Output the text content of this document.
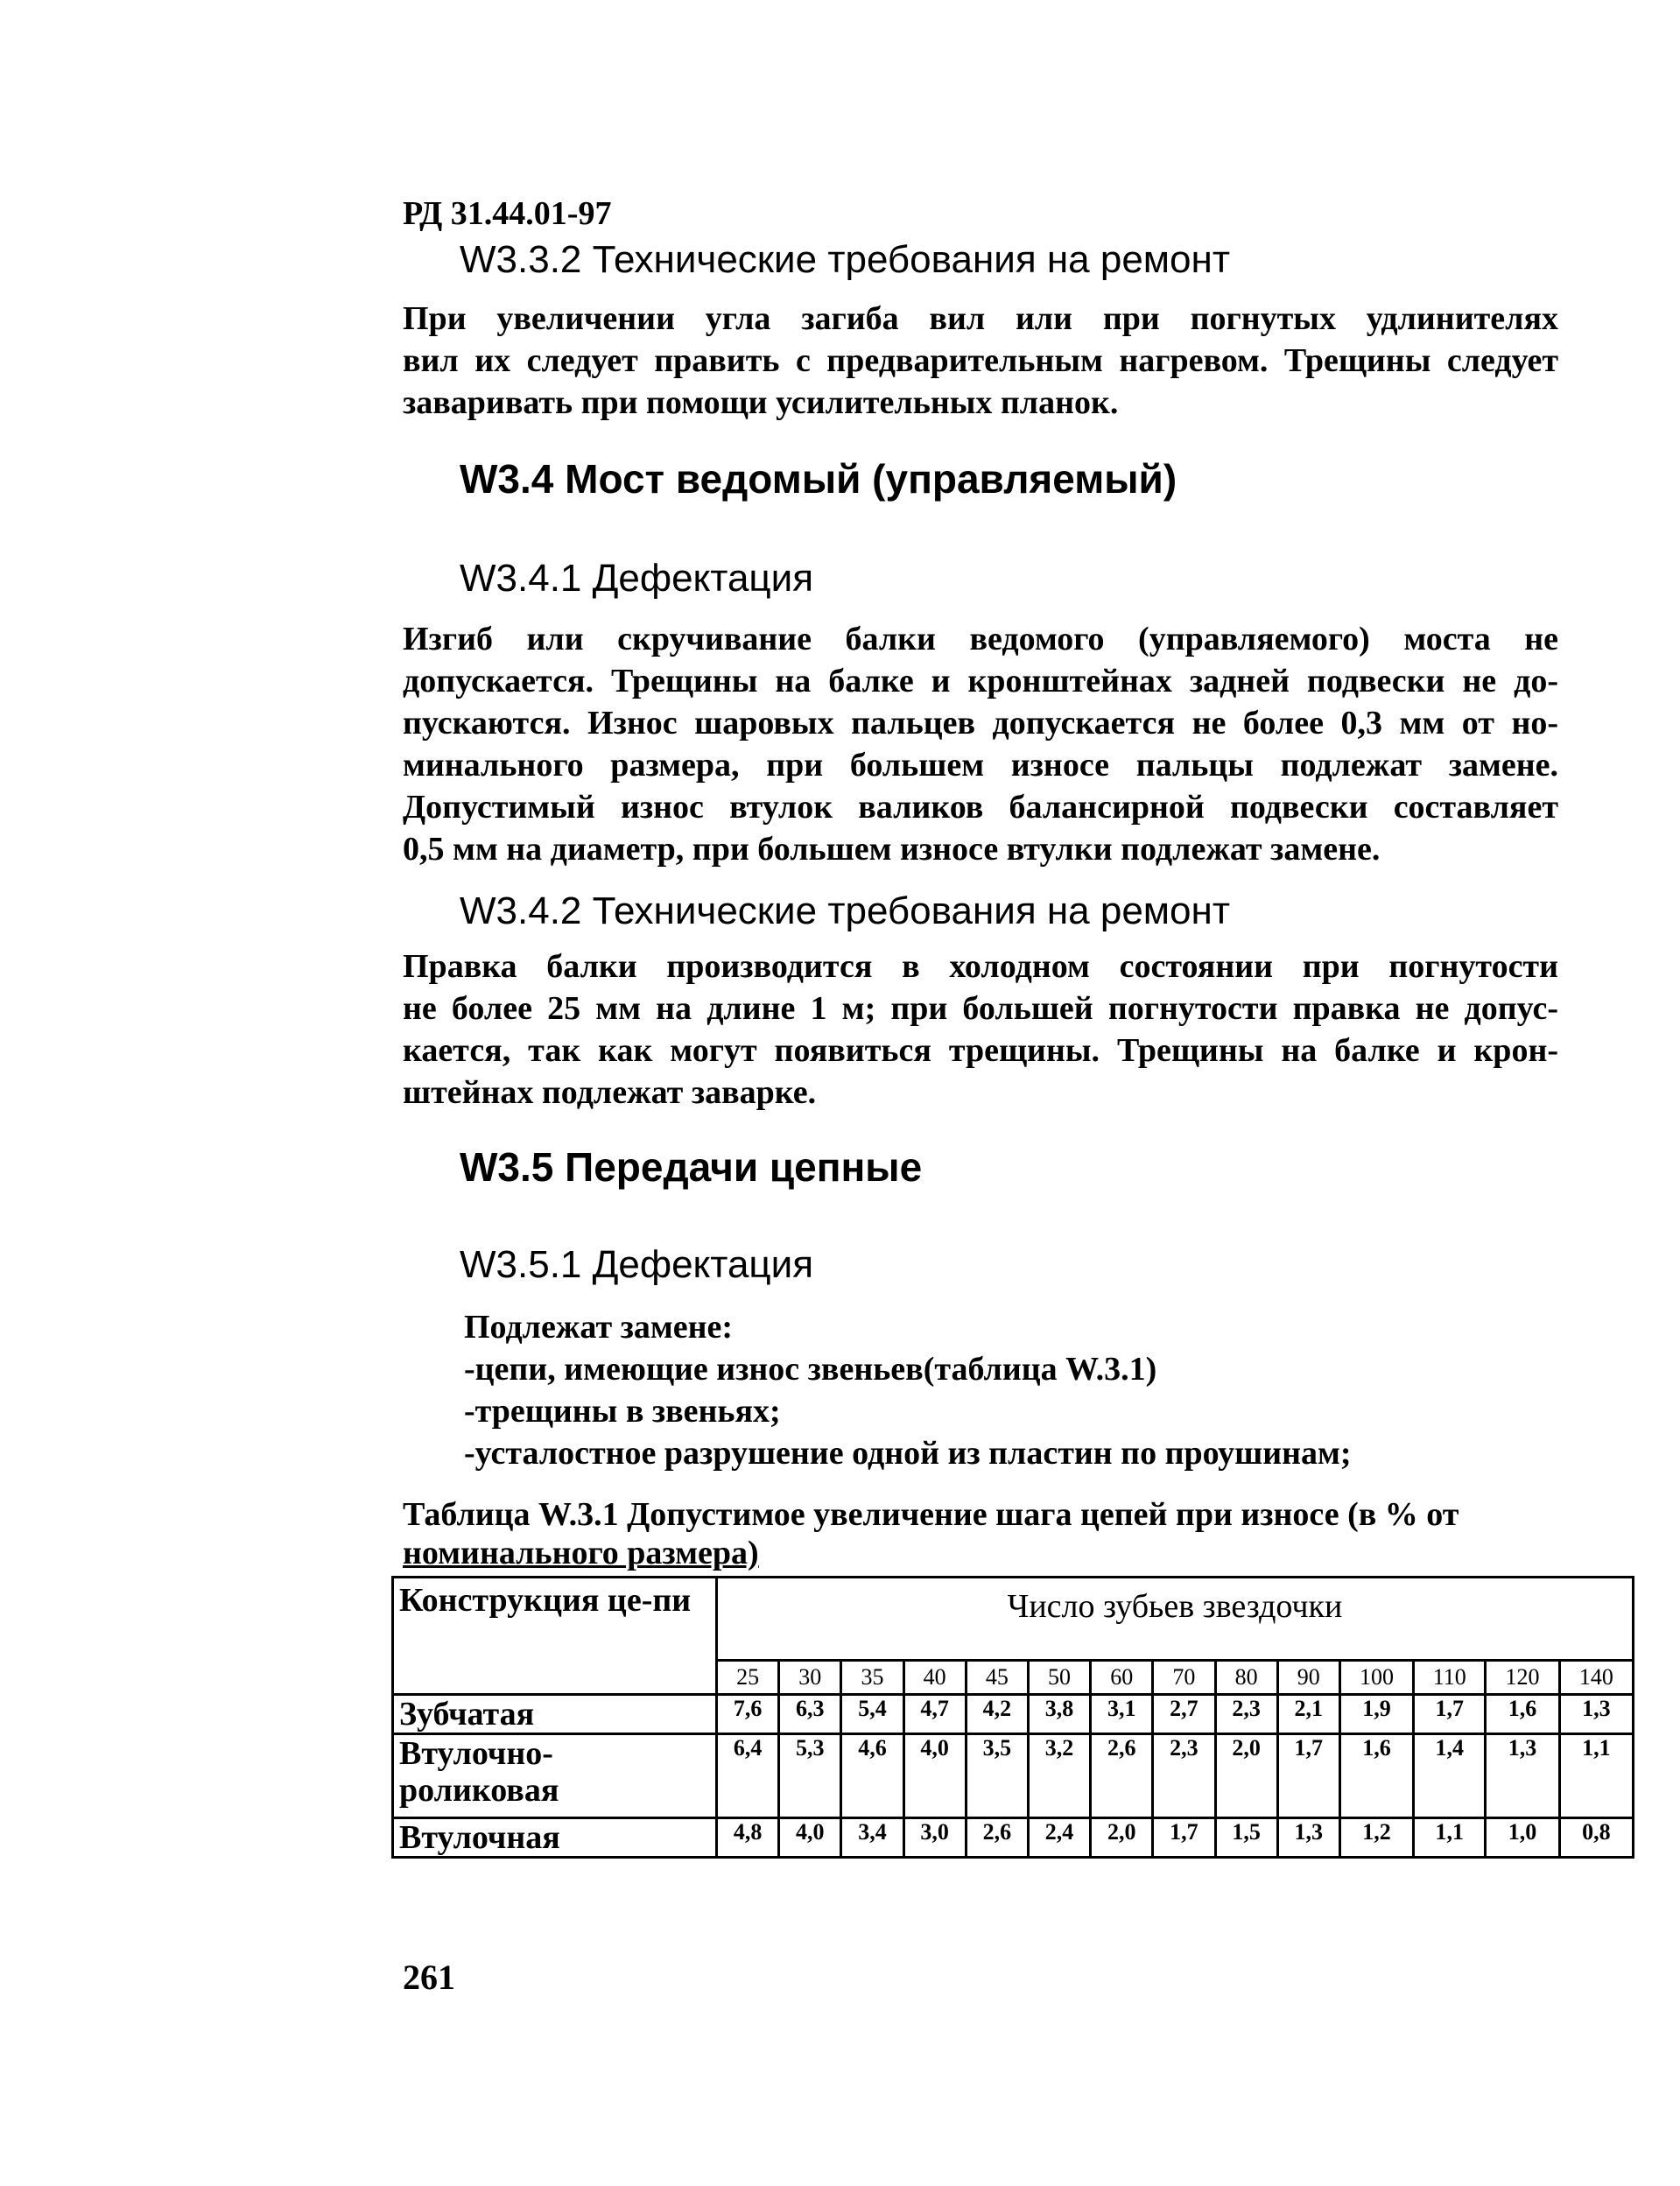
РД 31.44.01-97
W3.3.2 Технические требования на ремонт
При увеличении угла загиба вил или при погнутых удлинителях
вил их следует править с предварительным нагревом. Трещины следует
заваривать при помощи усилительных планок.
W3.4 Мост ведомый (управляемый)
W3.4.1 Дефектация
Изгиб или скручивание балки ведомого (управляемого) моста не
допускается. Трещины на балке и кронштейнах задней подвески не до-
пускаются. Износ шаровых пальцев допускается не более 0,3 мм от но-
минального размера, при большем износе пальцы подлежат замене.
Допустимый износ втулок валиков балансирной подвески составляет
0,5 мм на диаметр, при большем износе втулки подлежат замене.
W3.4.2 Технические требования на ремонт
Правка балки производится в холодном состоянии при погнутости
не более 25 мм на длине 1 м; при большей погнутости правка не допус-
кается, так как могут появиться трещины. Трещины на балке и крон-
штейнах подлежат заварке.
W3.5 Передачи цепные
W3.5.1 Дефектация
Подлежат замене:
-цепи, имеющие износ звеньев(таблица W.3.1)
-трещины в звеньях;
-усталостное разрушение одной из пластин по проушинам;
Таблица W.3.1 Допустимое увеличение шага цепей при износе (в % от
номинального размера)
Конструкция це-пи	Число зубьев звездочки													
	25	30	35	40	45	50	60	70	80	90	100	110	120	140
Зубчатая	7,6	6,3	5,4	4,7	4,2	3,8	3,1	2,7	2,3	2,1	1,9	1,7	1,6	1,3
Втулочно-роликовая	6,4	5,3	4,6	4,0	3,5	3,2	2,6	2,3	2,0	1,7	1,6	1,4	1,3	1,1
Втулочная	4,8	4,0	3,4	3,0	2,6	2,4	2,0	1,7	1,5	1,3	1,2	1,1	1,0	0,8
261
